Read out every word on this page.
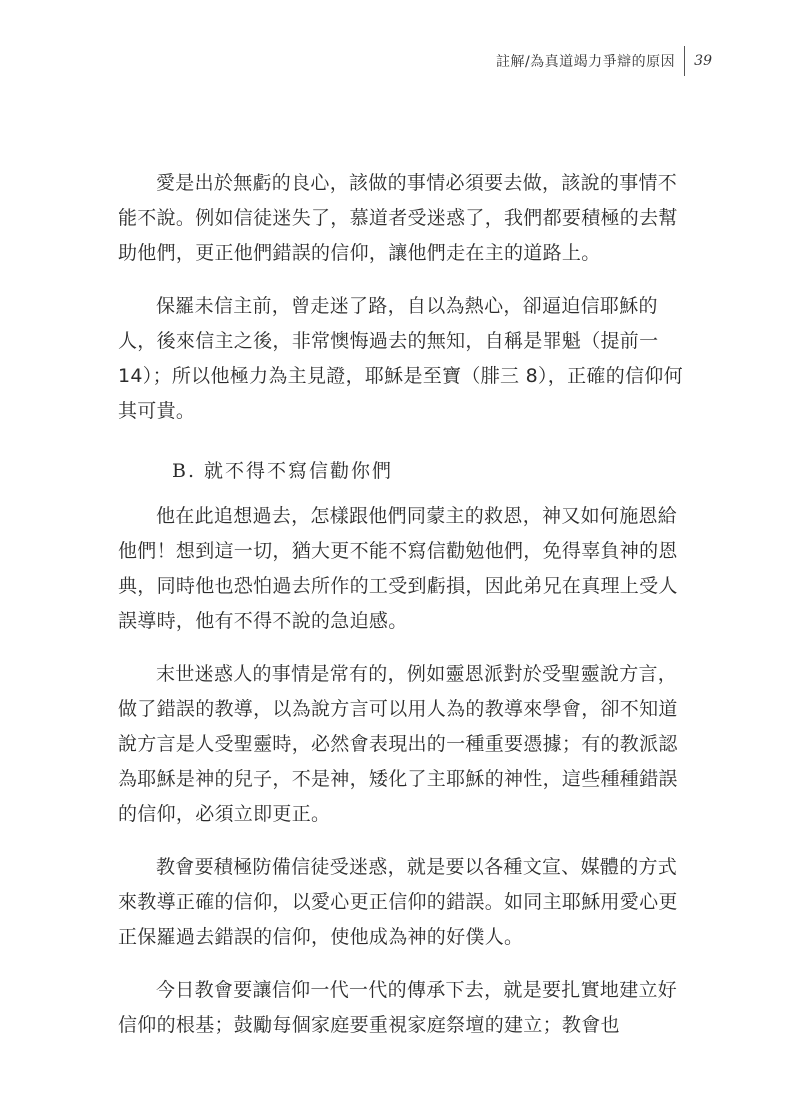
註解/為真道竭力爭辯的原因 39

愛是出於無虧的良心，該做的事情必須要去做，該說的事情不能不說。例如信徒迷失了，慕道者受迷惑了，我們都要積極的去幫助他們，更正他們錯誤的信仰，讓他們走在主的道路上。

保羅未信主前，曾走迷了路，自以為熱心，卻逼迫信耶穌的人，後來信主之後，非常懊悔過去的無知，自稱是罪魁（提前一14）；所以他極力為主見證，耶穌是至寶（腓三 8），正確的信仰何其可貴。

B. 就不得不寫信勸你們

他在此追想過去，怎樣跟他們同蒙主的救恩，神又如何施恩給他們！想到這一切，猶大更不能不寫信勸勉他們，免得辜負神的恩典，同時他也恐怕過去所作的工受到虧損，因此弟兄在真理上受人誤導時，他有不得不說的急迫感。

末世迷惑人的事情是常有的，例如靈恩派對於受聖靈說方言，做了錯誤的教導，以為說方言可以用人為的教導來學會，卻不知道說方言是人受聖靈時，必然會表現出的一種重要憑據；有的教派認為耶穌是神的兒子，不是神，矮化了主耶穌的神性，這些種種錯誤的信仰，必須立即更正。

教會要積極防備信徒受迷惑，就是要以各種文宣、媒體的方式來教導正確的信仰，以愛心更正信仰的錯誤。如同主耶穌用愛心更正保羅過去錯誤的信仰，使他成為神的好僕人。

今日教會要讓信仰一代一代的傳承下去，就是要扎實地建立好信仰的根基；鼓勵每個家庭要重視家庭祭壇的建立；教會也
